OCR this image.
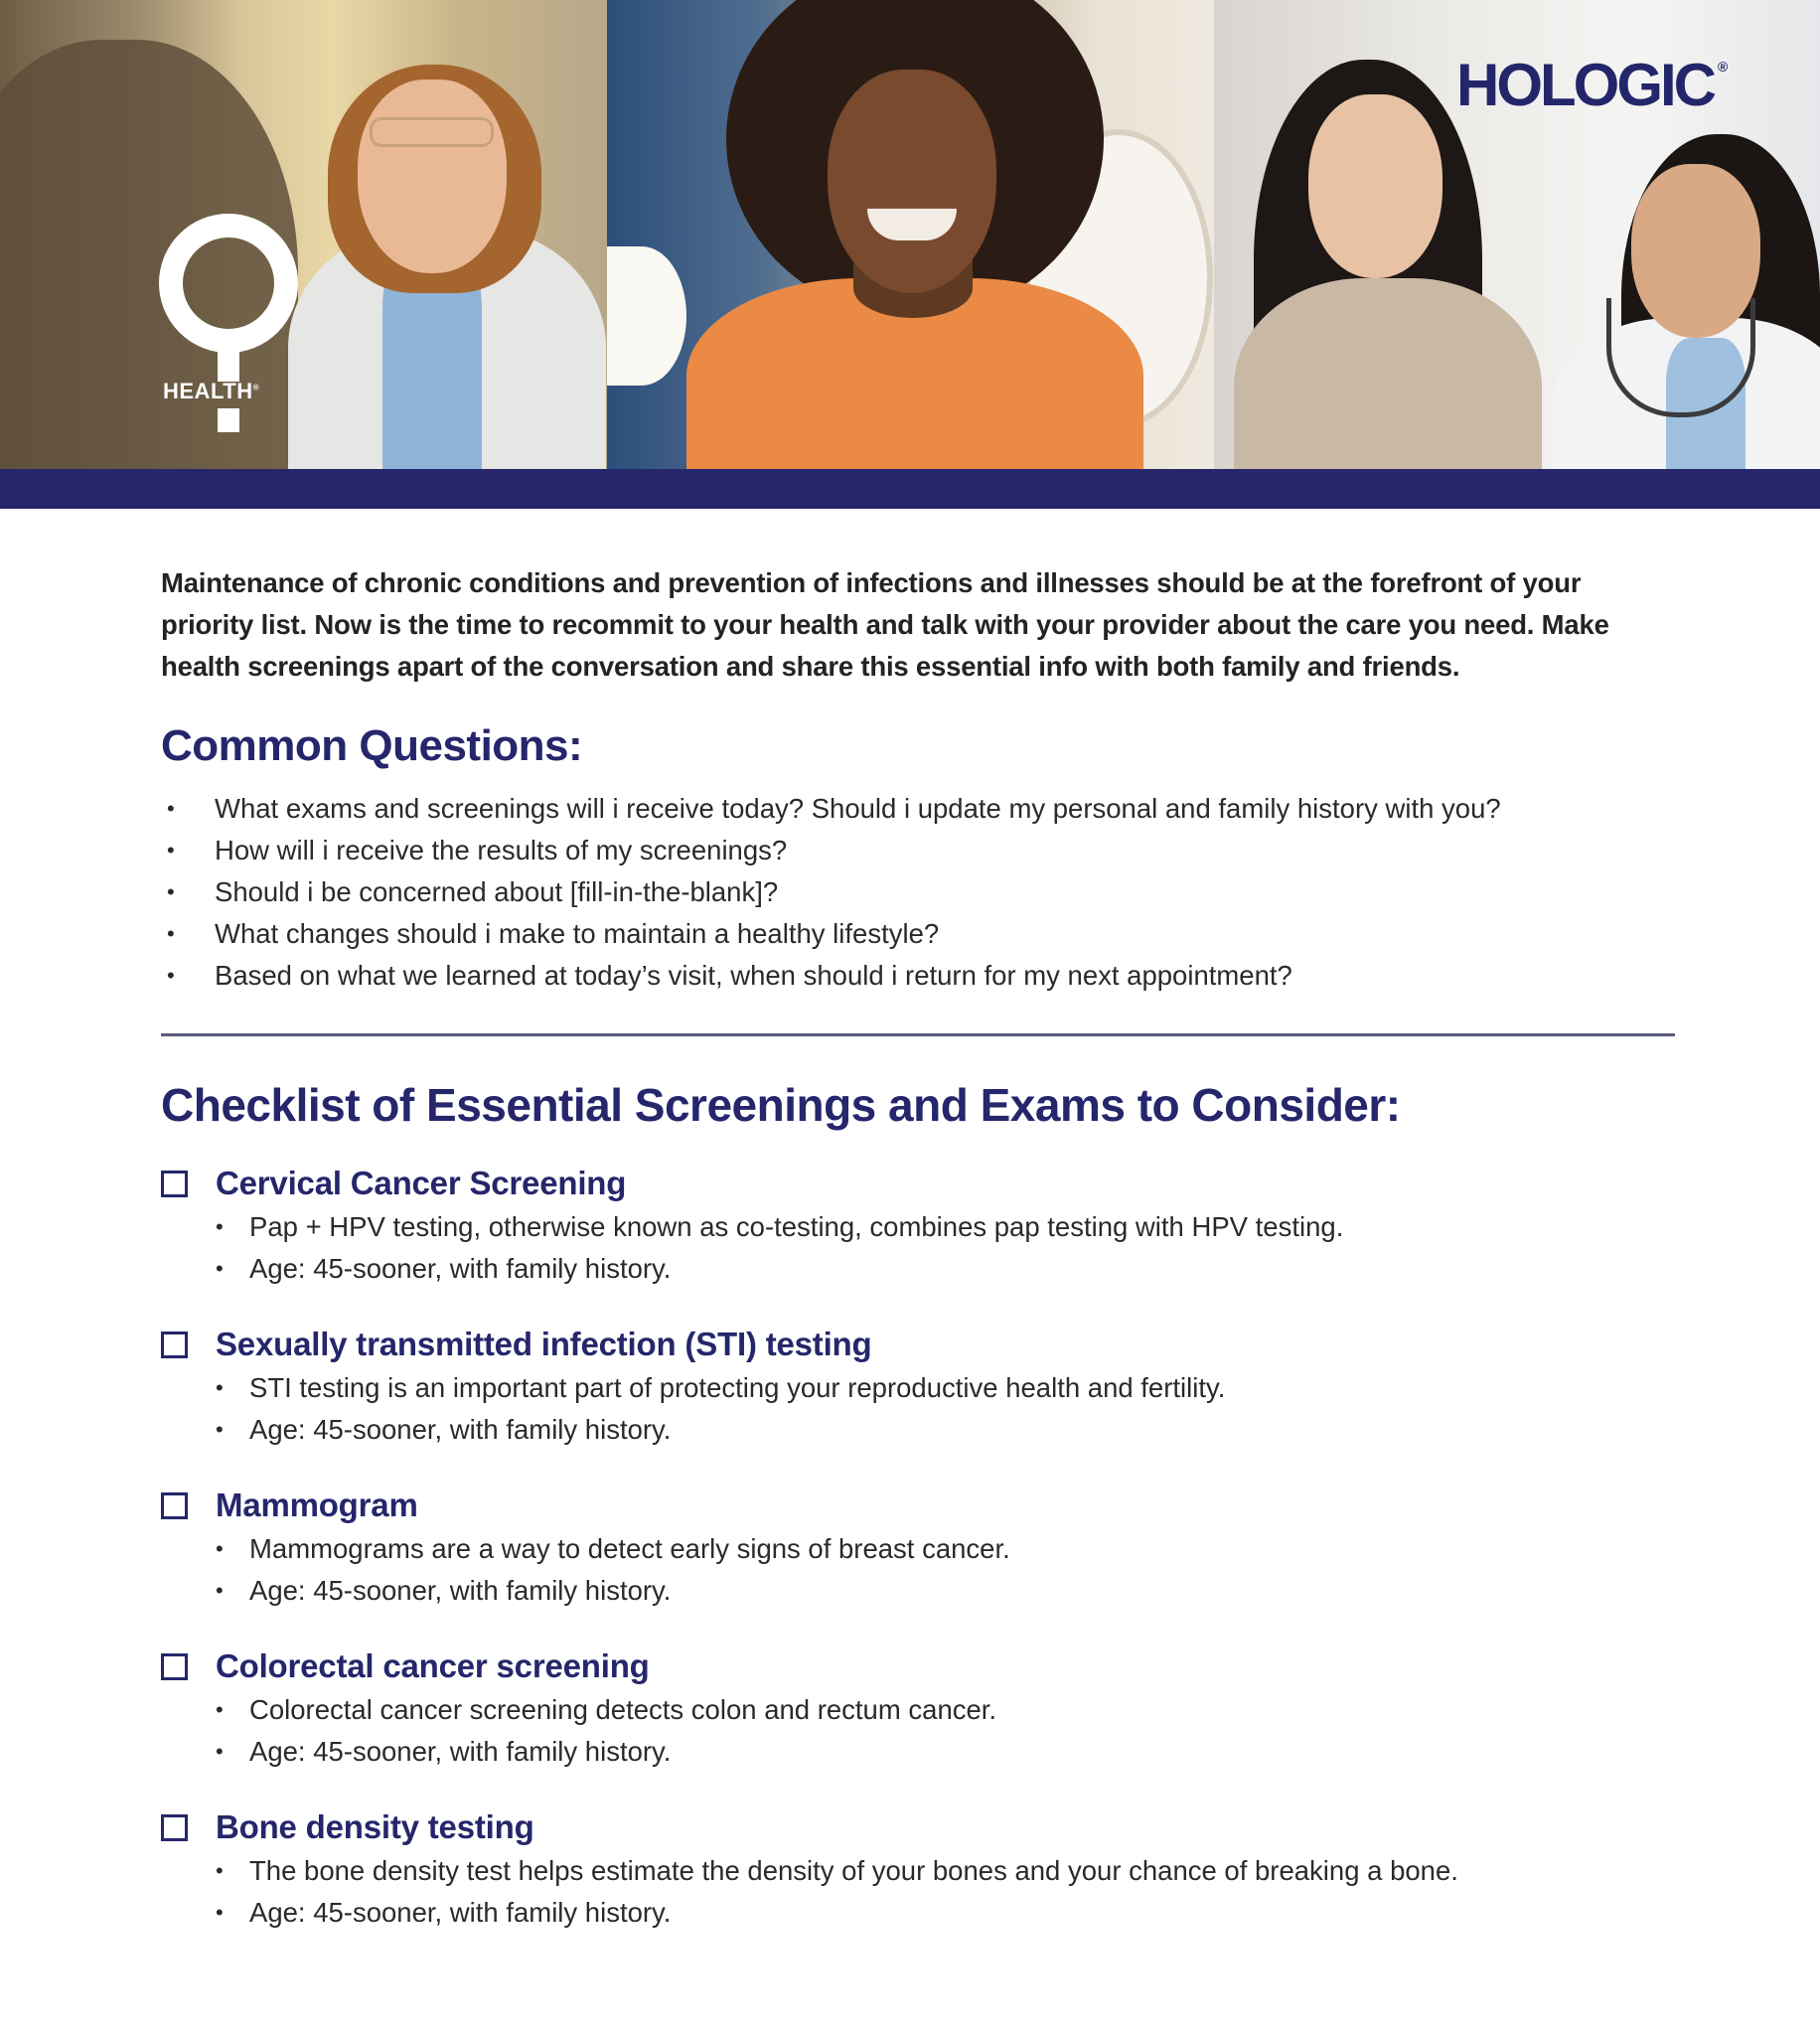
HEALTH®
HOLOGIC ®

Maintenance of chronic conditions and prevention of infections and illnesses should be at the forefront of your priority list. Now is the time to recommit to your health and talk with your provider about the care you need. Make health screenings apart of the conversation and share this essential info with both family and friends.

Common Questions:
• What exams and screenings will i receive today? Should i update my personal and family history with you?
• How will i receive the results of my screenings?
• Should i be concerned about [fill-in-the-blank]?
• What changes should i make to maintain a healthy lifestyle?
• Based on what we learned at today’s visit, when should i return for my next appointment?
Checklist of Essential Screenings and Exams to Consider:
Cervical Cancer Screening
• Pap + HPV testing, otherwise known as co-testing, combines pap testing with HPV testing.
• Age: 45-sooner, with family history.
Sexually transmitted infection (STI) testing
• STI testing is an important part of protecting your reproductive health and fertility.
• Age: 45-sooner, with family history.
Mammogram
• Mammograms are a way to detect early signs of breast cancer.
• Age: 45-sooner, with family history.
Colorectal cancer screening
• Colorectal cancer screening detects colon and rectum cancer.
• Age: 45-sooner, with family history.
Bone density testing
• The bone density test helps estimate the density of your bones and your chance of breaking a bone.
• Age: 45-sooner, with family history.
